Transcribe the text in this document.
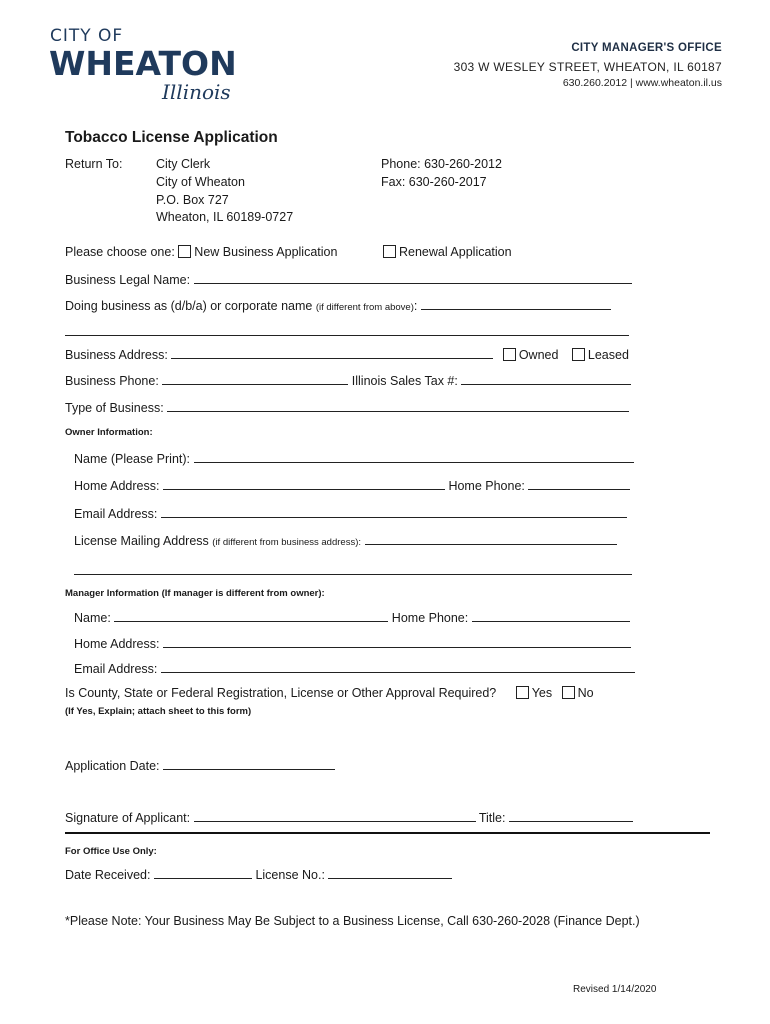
CITY OF
WHEATON
Illinois
CITY MANAGER'S OFFICE
303 W WESLEY STREET, WHEATON, IL 60187
630.260.2012 | www.wheaton.il.us
Tobacco License Application
Return To:	City Clerk
City of Wheaton
P.O. Box 727
Wheaton, IL 60189-0727
Phone: 630-260-2012
Fax: 630-260-2017
Please choose one: New Business Application	Renewal Application
Business Legal Name:
Doing business as (d/b/a) or corporate name (if different from above):
Business Address:	Owned Leased
Business Phone:	Illinois Sales Tax #:
Type of Business:
Owner Information:
Name (Please Print):
Home Address:	Home Phone:
Email Address:
License Mailing Address (if different from business address):
Manager Information (If manager is different from owner):
Name:	Home Phone:
Home Address:
Email Address:
Is County, State or Federal Registration, License or Other Approval Required?	Yes No
(If Yes, Explain; attach sheet to this form)
Application Date:
Signature of Applicant:	Title:
For Office Use Only:
Date Received:	License No.:
*Please Note: Your Business May Be Subject to a Business License, Call 630-260-2028 (Finance Dept.)
Revised 1/14/2020
